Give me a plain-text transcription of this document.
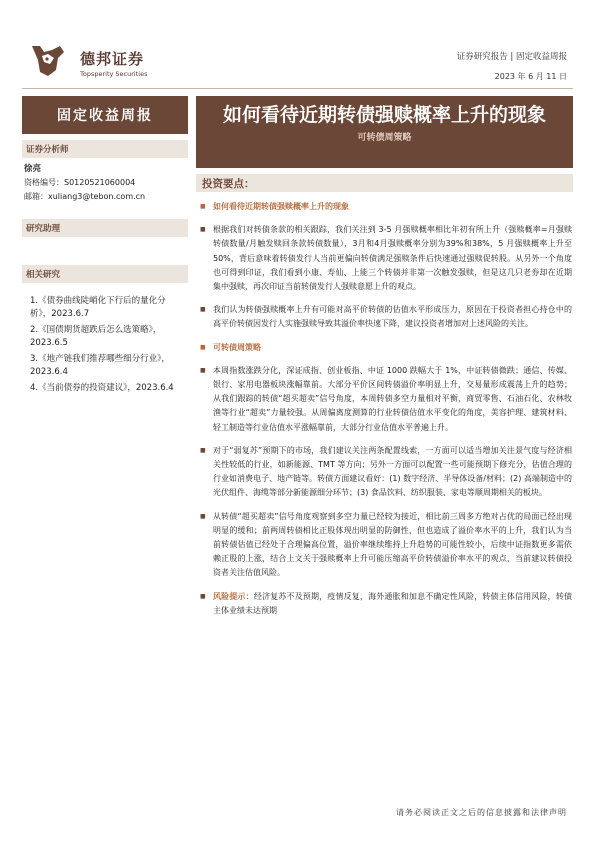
德邦证券
Topsperity Securities
证券研究报告 | 固定收益周报
2023 年 6 月 11 日
固定收益周报	如何看待近期转债强赎概率上升的现象
可转债周策略
证券分析师
徐亮
资格编号：S0120521060004
邮箱：xuliang3@tebon.com.cn
研究助理
相关研究
1.《债券曲线陡峭化下行后的量化分析》，2023.6.7
2.《国债期货超跌后怎么选策略》，2023.6.5
3.《地产链我们推荐哪些细分行业》，2023.6.4
4.《当前债券的投资建议》，2023.6.4
投资要点：
■ 如何看待近期转债强赎概率上升的现象
■ 根据我们对转债条款的相关跟踪，我们关注到 3-5 月强赎概率相比年初有所上升（强赎概率=月强赎转债数量/月触发赎回条款转债数量），3月和4月强赎概率分别为39%和38%，5 月强赎概率上升至 50%，背后意味着转债发行人当前更偏向转债满足强赎条件后快速通过强赎促转股。从另外一个角度也可得到印证，我们看到小康、寿仙、上能三个转债并非第一次触发强赎，但是这几只老券却在近期集中强赎，再次印证当前转债发行人强赎意愿上升的观点。
■ 我们认为转债强赎概率上升有可能对高平价转债的估值水平形成压力，原因在于投资者担心持仓中的高平价转债因发行人实施强赎导致其溢价率快速下降，建议投资者增加对上述风险的关注。
■ 可转债周策略
■ 本周指数涨跌分化，深证成指、创业板指、中证 1000 跌幅大于 1%，中证转债微跌；通信、传媒、银行、家用电器板块涨幅靠前。大部分平价区间转债溢价率明显上升，交易量形成震荡上升的趋势；从我们跟踪的转债“超买超卖”信号角度，本周转债多空力量相对平衡，商贸零售、石油石化、农林牧渔等行业“超卖”力量较强。从周偏离度测算的行业转债估值水平变化的角度，美容护理、建筑材料、轻工制造等行业估值水平涨幅靠前，大部分行业估值水平普遍上升。
■ 对于“弱复苏”预期下的市场，我们建议关注两条配置线索，一方面可以适当增加关注景气度与经济相关性较低的行业，如新能源、TMT 等方向；另外一方面可以配置一些可能预期下修充分，估值合理的行业如消费电子、地产链等。转债方面建议看好：(1) 数字经济、半导体设备/材料；(2) 高端制造中的光伏组件、海缆等部分新能源细分环节；(3) 食品饮料、纺织服装、家电等顺周期相关的板块。
■ 从转债“超买超卖”信号角度观察到多空力量已经较为接近，相比前三周多方绝对占优的局面已经出现明显的缓和；前两周转债相比正股体现出明显的防御性，但也造成了溢价率水平的上升，我们认为当前转债估值已经处于合理偏高位置，溢价率继续维持上升趋势的可能性较小，后续中证指数更多需依赖正股的上涨，结合上文关于强赎概率上升可能压缩高平价转债溢价率水平的观点，当前建议转债投资者关注估值风险。
■ 风险提示：经济复苏不及预期，疫情反复，海外通胀和加息不确定性风险，转债主体信用风险，转债主体业绩未达预期
请务必阅读正文之后的信息披露和法律声明
